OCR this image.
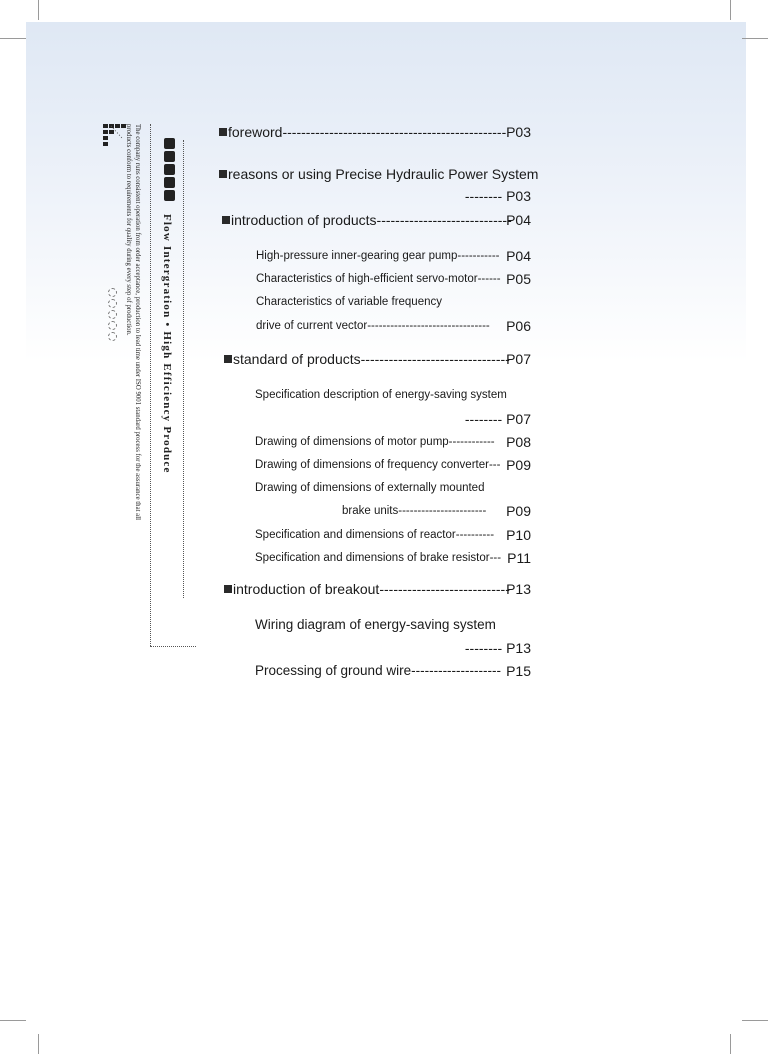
The company runs consistent operation from order acceptance, production to lead time under ISO 9001 standard process for the assurance that all products conform to requirements for quality during every step of production.	Flow Intergration • High Efficiency Produce
foreword------------------------------------------------ P03
reasons or using Precise Hydraulic Power System
-------- P03
introduction of products-----------------------------
P04
High-pressure inner-gearing gear pump----------- P04
Characteristics of high-efficient servo-motor------ P05
Characteristics of variable frequency
drive of current vector-------------------------------- P06
standard of products--------------------------------
P07
Specification description of energy-saving system
-------- P07
Drawing of dimensions of motor pump------------ P08
Drawing of dimensions of frequency converter--- P09
Drawing of dimensions of externally mounted
brake units----------------------- P09
Specification and dimensions of reactor---------- P10
Specification and dimensions of brake resistor--- P11
introduction of breakout----------------------------
P13
Wiring diagram of energy-saving system
-------- P13
Processing of ground wire-------------------- P15
